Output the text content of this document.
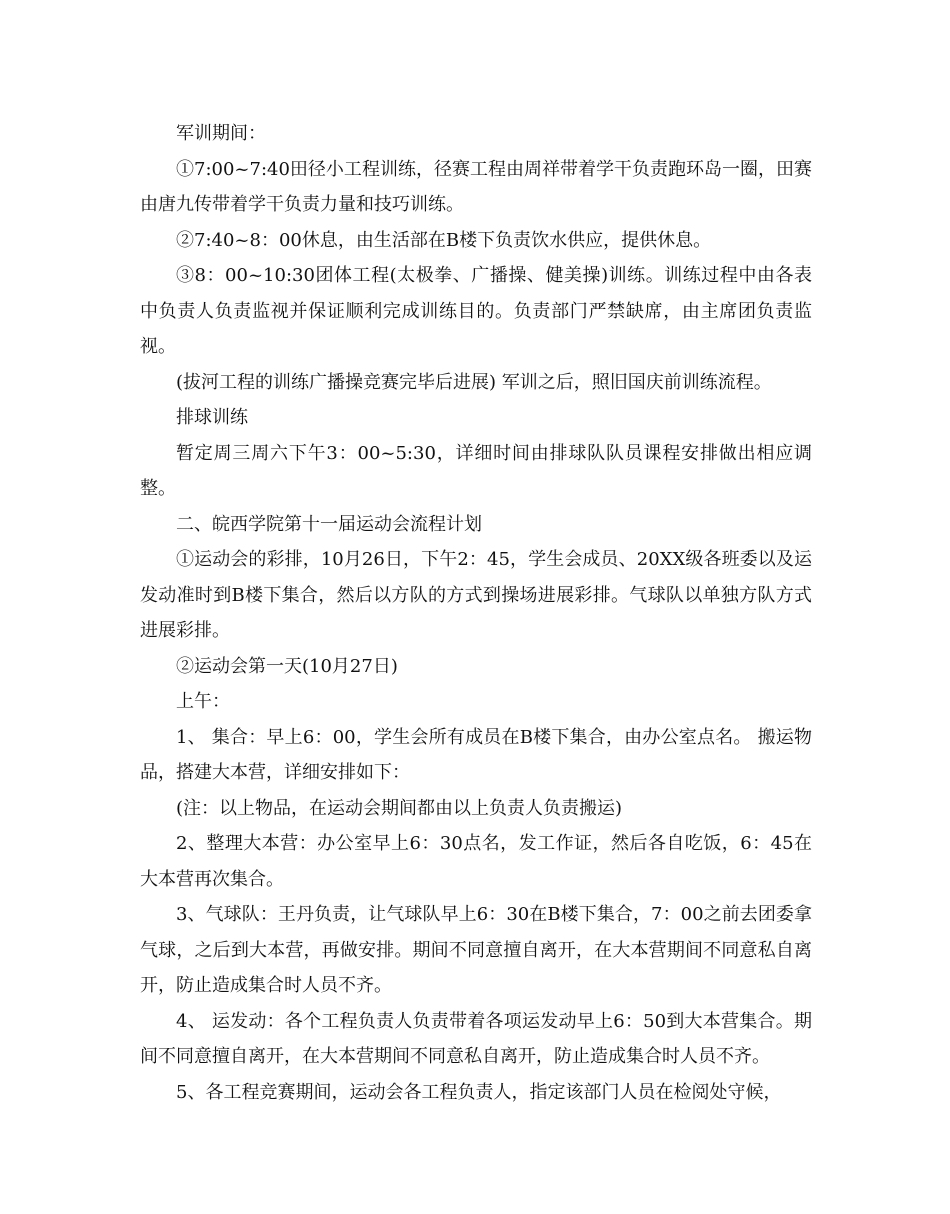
军训期间：

①7:00~7:40田径小工程训练，径赛工程由周祥带着学干负责跑环岛一圈，田赛由唐九传带着学干负责力量和技巧训练。

②7:40~8：00休息，由生活部在B楼下负责饮水供应，提供休息。

③8：00~10:30团体工程(太极拳、广播操、健美操)训练。训练过程中由各表中负责人负责监视并保证顺利完成训练目的。负责部门严禁缺席，由主席团负责监视。

(拔河工程的训练广播操竞赛完毕后进展) 军训之后，照旧国庆前训练流程。

排球训练

暂定周三周六下午3：00~5:30，详细时间由排球队队员课程安排做出相应调整。

二、皖西学院第十一届运动会流程计划

①运动会的彩排，10月26日，下午2：45，学生会成员、20XX级各班委以及运发动准时到B楼下集合，然后以方队的方式到操场进展彩排。气球队以单独方队方式进展彩排。

②运动会第一天(10月27日)

上午：

1、 集合：早上6：00，学生会所有成员在B楼下集合，由办公室点名。 搬运物品，搭建大本营，详细安排如下：

(注：以上物品，在运动会期间都由以上负责人负责搬运)

2、整理大本营：办公室早上6：30点名，发工作证，然后各自吃饭，6：45在大本营再次集合。

3、气球队：王丹负责，让气球队早上6：30在B楼下集合，7：00之前去团委拿气球，之后到大本营，再做安排。期间不同意擅自离开，在大本营期间不同意私自离开，防止造成集合时人员不齐。

4、 运发动：各个工程负责人负责带着各项运发动早上6：50到大本营集合。期间不同意擅自离开，在大本营期间不同意私自离开，防止造成集合时人员不齐。

5、各工程竞赛期间，运动会各工程负责人，指定该部门人员在检阅处守候，
